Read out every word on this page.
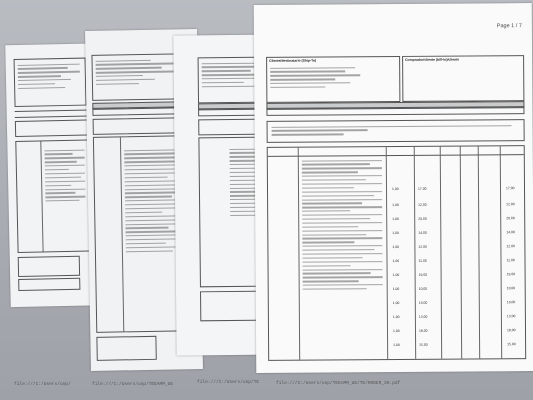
Page 1 / 7
Cliente/destinatario (Ship-To)	Comprador/cliente (bill-to)/cliente
1,00	17,00	17,00
1,00	12,00	12,00
1,00	20,00	20,00
1,00	14,00	14,00
1,00	12,00	12,00
1,00	11,00	11,00
1,00	19,00	19,00
1,00	10,00	10,00
1,00	16,00	16,00
1,00	13,00	13,00
1,00	18,00	18,00
1,00	15,00	15,00
file:///C:/Users/unp/	file:///C:/Users/unp/TEEAMM_UE	file:///C:/Users/unp/TE	file:///C:/Users/unp/TEEAMM_UE/TE/RODER_3H.pdf
